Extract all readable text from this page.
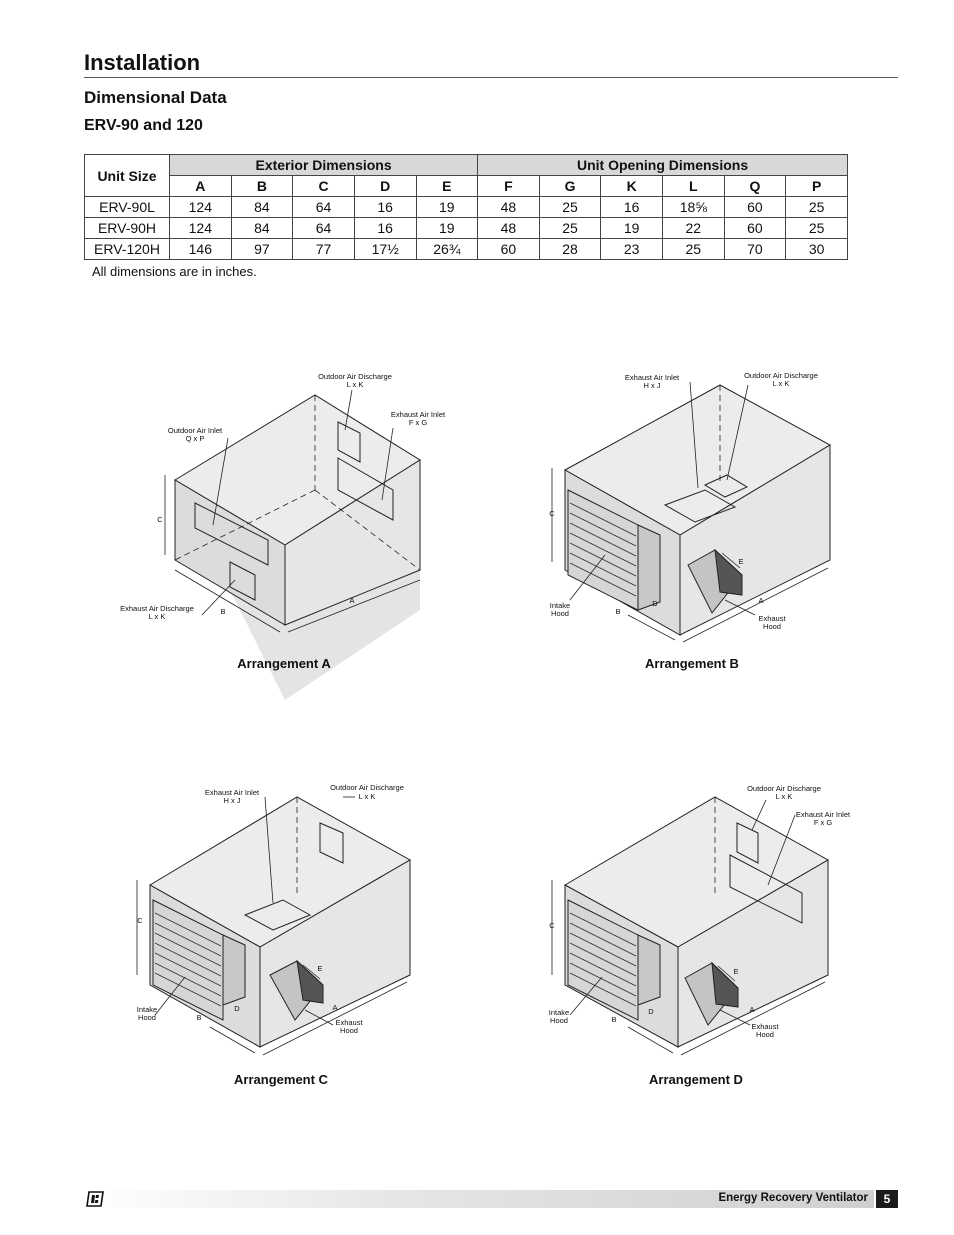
Installation
Dimensional Data
ERV-90 and 120
Unit Size	Exterior Dimensions					Unit Opening Dimensions					
	A	B	C	D	E	F	G	K	L	Q	P
ERV-90L	124	84	64	16	19	48	25	16	18⅝	60	25
ERV-90H	124	84	64	16	19	48	25	19	22	60	25
ERV-120H	146	97	77	17½	26¾	60	28	23	25	70	30
All dimensions are in inches.
Outdoor Air Discharge
L x K
Exhaust Air Inlet
F x G
Outdoor Air Inlet
Q x P
Exhaust Air Discharge
L x K
C
B
A
Arrangement A
Exhaust Air Inlet
H x J
Outdoor Air Discharge
L x K
Intake
Hood
Exhaust
Hood
C
B
D
E
A
Arrangement B
Exhaust Air Inlet
H x J
Outdoor Air Discharge
L x K
Intake
Hood
Exhaust
Hood
C
B
D
E
A
Arrangement C
Outdoor Air Discharge
L x K
Exhaust Air Inlet
F x G
Intake
Hood
Exhaust
Hood
C
B
D
E
A
Arrangement D
Energy Recovery Ventilator	5
